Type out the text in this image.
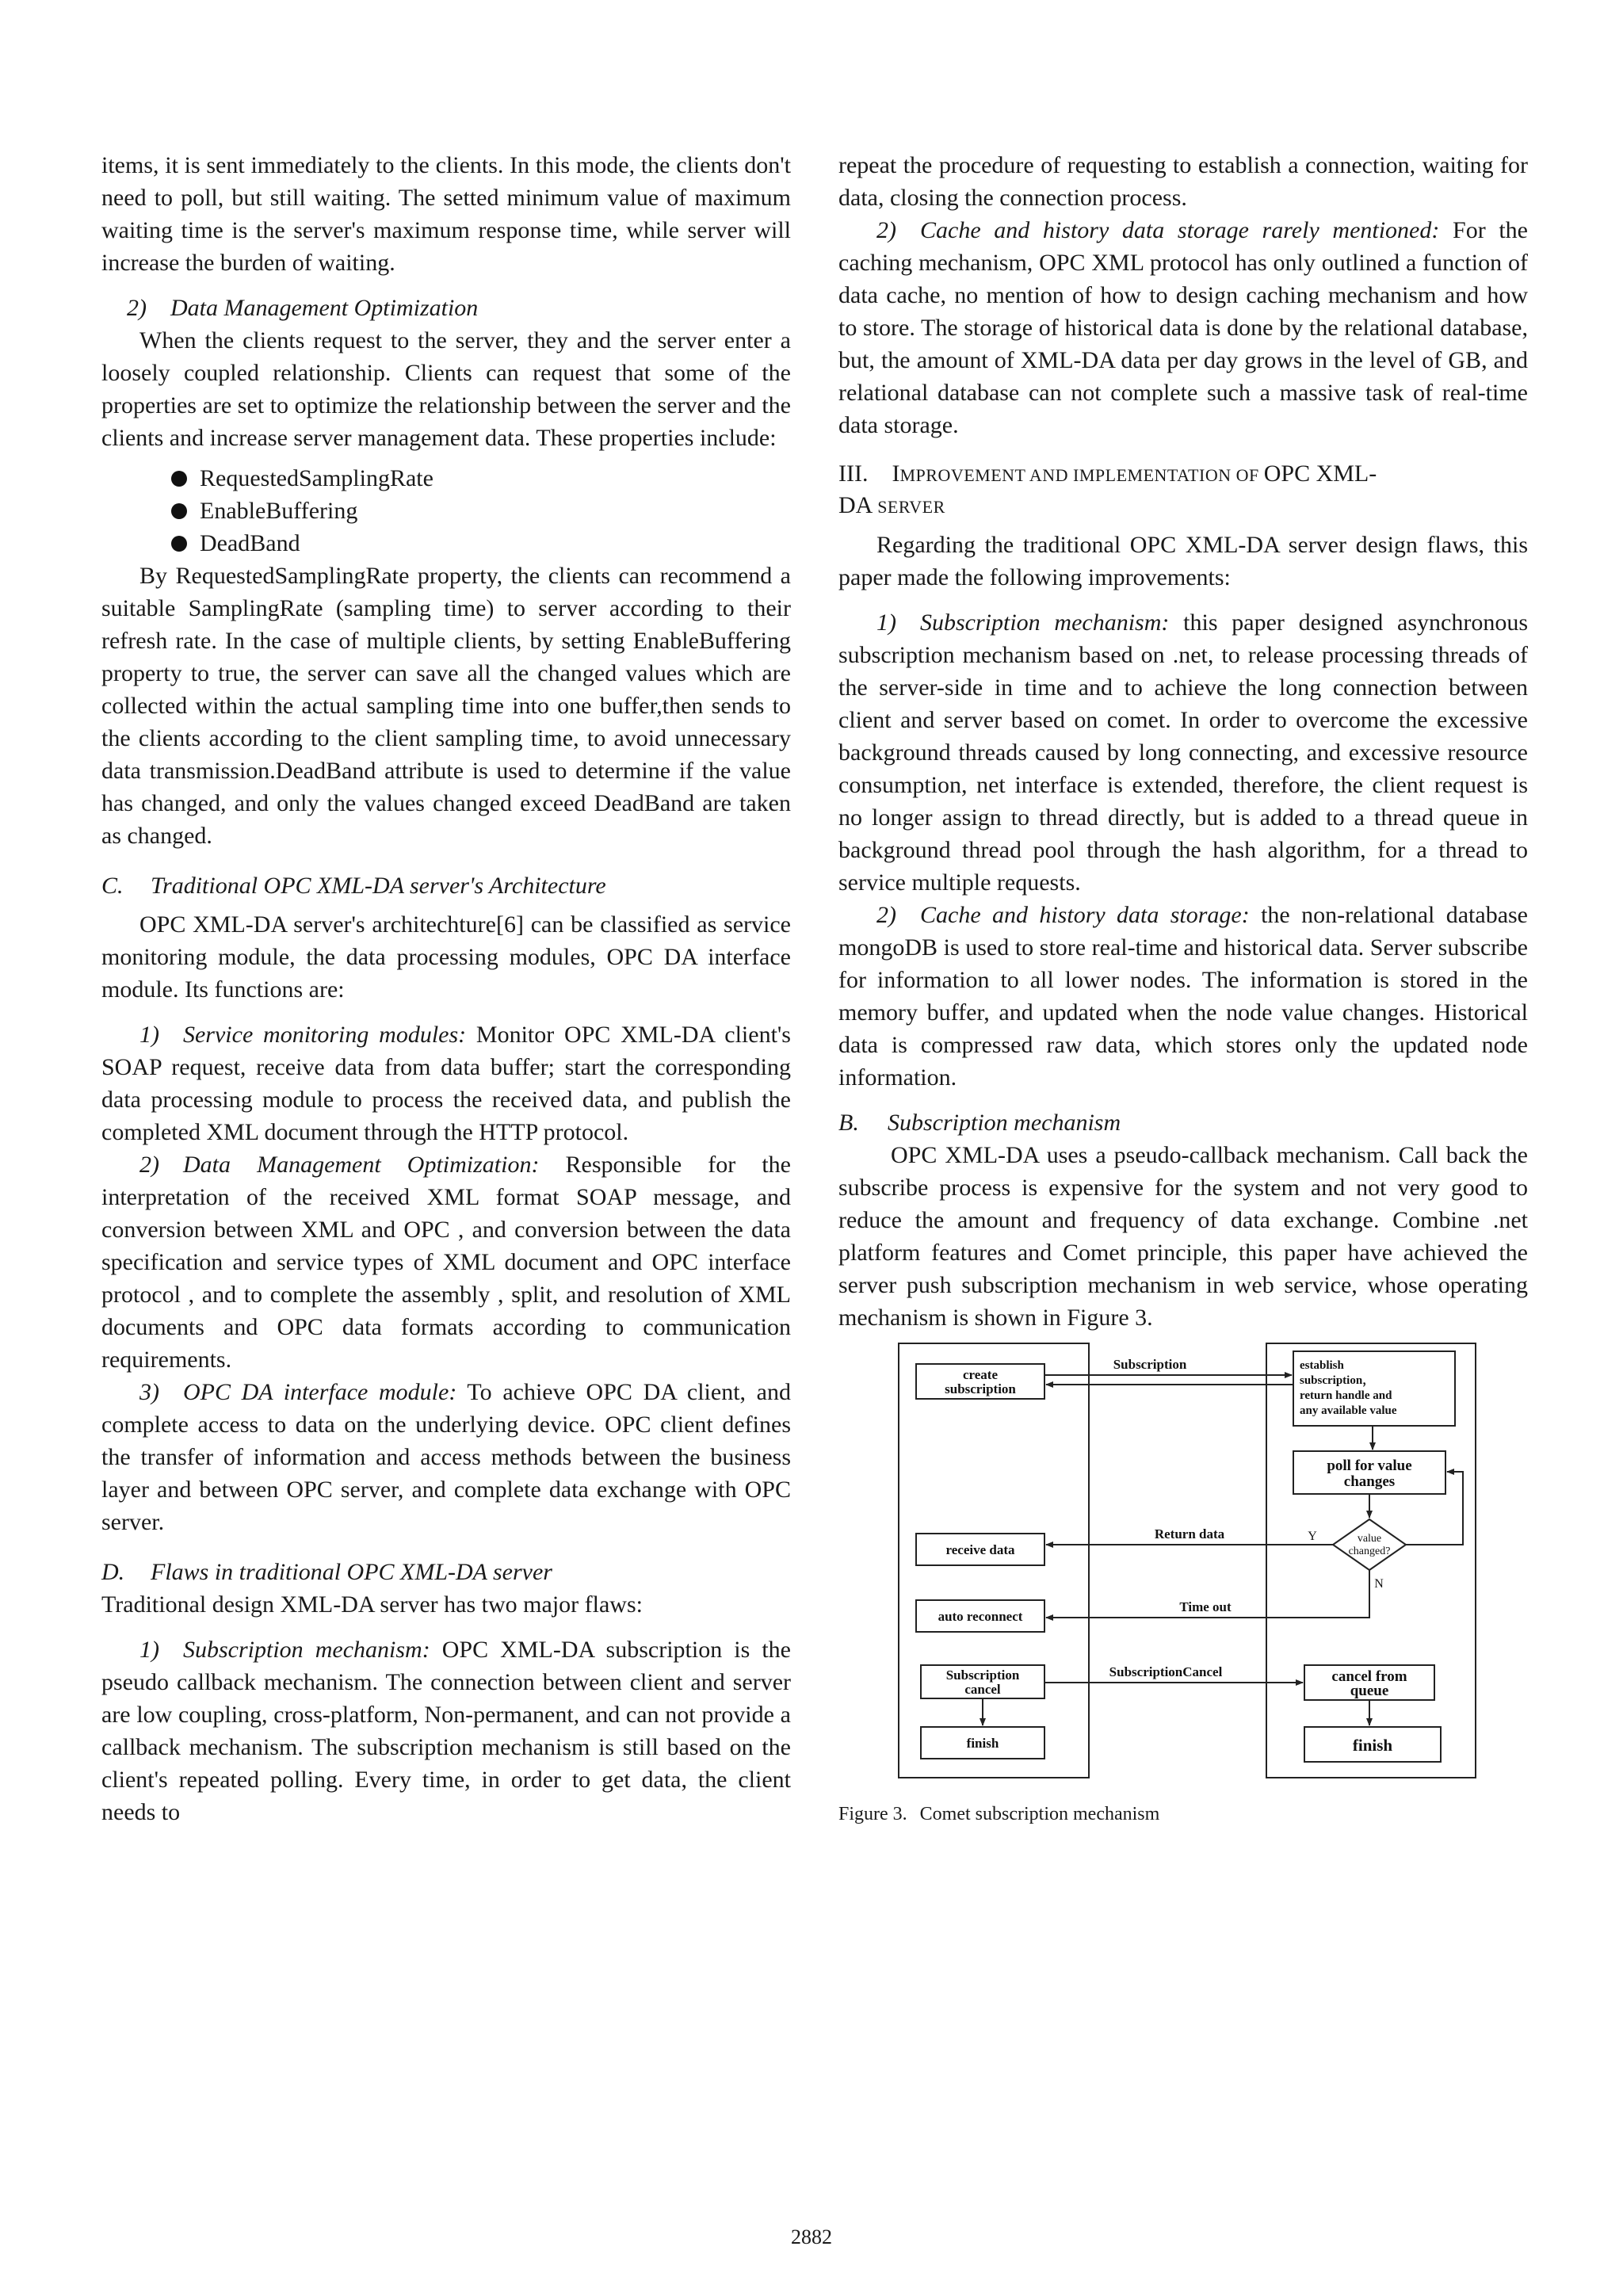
items, it is sent immediately to the clients. In this mode, the clients don't need to poll, but still waiting. The setted minimum value of maximum waiting time is the server's maximum response time, while server will increase the burden of waiting.

2) Data Management Optimization

When the clients request to the server, they and the server enter a loosely coupled relationship. Clients can request that some of the properties are set to optimize the relationship between the server and the clients and increase server management data. These properties include:

RequestedSamplingRate
EnableBuffering
DeadBand

By RequestedSamplingRate property, the clients can recommend a suitable SamplingRate (sampling time) to server according to their refresh rate. In the case of multiple clients, by setting EnableBuffering property to true, the server can save all the changed values which are collected within the actual sampling time into one buffer,then sends to the clients according to the client sampling time, to avoid unnecessary data transmission.DeadBand attribute is used to determine if the value has changed, and only the values changed exceed DeadBand are taken as changed.

C. Traditional OPC XML-DA server's Architecture

OPC XML-DA server's architechture[6] can be classified as service monitoring module, the data processing modules, OPC DA interface module. Its functions are:

1) Service monitoring modules: Monitor OPC XML-DA client's SOAP request, receive data from data buffer; start the corresponding data processing module to process the received data, and publish the completed XML document through the HTTP protocol.

2) Data Management Optimization: Responsible for the interpretation of the received XML format SOAP message, and conversion between XML and OPC , and conversion between the data specification and service types of XML document and OPC interface protocol , and to complete the assembly , split, and resolution of XML documents and OPC data formats according to communication requirements.

3) OPC DA interface module: To achieve OPC DA client, and complete access to data on the underlying device. OPC client defines the transfer of information and access methods between the business layer and between OPC server, and complete data exchange with OPC server.

D. Flaws in traditional OPC XML-DA server

Traditional design XML-DA server has two major flaws:

1) Subscription mechanism: OPC XML-DA subscription is the pseudo callback mechanism. The connection between client and server are low coupling, cross-platform, Non-permanent, and can not provide a callback mechanism. The subscription mechanism is still based on the client's repeated polling. Every time, in order to get data, the client needs to

repeat the procedure of requesting to establish a connection, waiting for data, closing the connection process.

2) Cache and history data storage rarely mentioned: For the caching mechanism, OPC XML protocol has only outlined a function of data cache, no mention of how to design caching mechanism and how to store. The storage of historical data is done by the relational database, but, the amount of XML-DA data per day grows in the level of GB, and relational database can not complete such a massive task of real-time data storage.

III.  IMPROVEMENT AND IMPLEMENTATION OF OPC XML-
DA SERVER

Regarding the traditional OPC XML-DA server design flaws, this paper made the following improvements:

1) Subscription mechanism: this paper designed asynchronous subscription mechanism based on .net, to release processing threads of the server-side in time and to achieve the long connection between client and server based on comet. In order to overcome the excessive background threads caused by long connecting, and excessive resource consumption, net interface is extended, therefore, the client request is no longer assign to thread directly, but is added to a thread queue in background thread pool through the hash algorithm, for a thread to service multiple requests.

2) Cache and history data storage: the non-relational database mongoDB is used to store real-time and historical data. Server subscribe for information to all lower nodes. The information is stored in the memory buffer, and updated when the node value changes. Historical data is compressed raw data, which stores only the updated node information.

B. Subscription mechanism

OPC XML-DA uses a pseudo-callback mechanism. Call back the subscribe process is expensive for the system and not very good to reduce the amount and frequency of data exchange. Combine .net platform features and Comet principle, this paper have achieved the server push subscription mechanism in web service, whose operating mechanism is shown in Figure 3.

create
subscription
receive data
auto reconnect
Subscription
cancel
finish
Subscription
Return data
Time out
SubscriptionCancel
poll for value
changes
cancel from
queue
finish
establish
subscription，
return handle and
any available value
value
changed?
Y
N

Figure 3. Comet subscription mechanism

2882
